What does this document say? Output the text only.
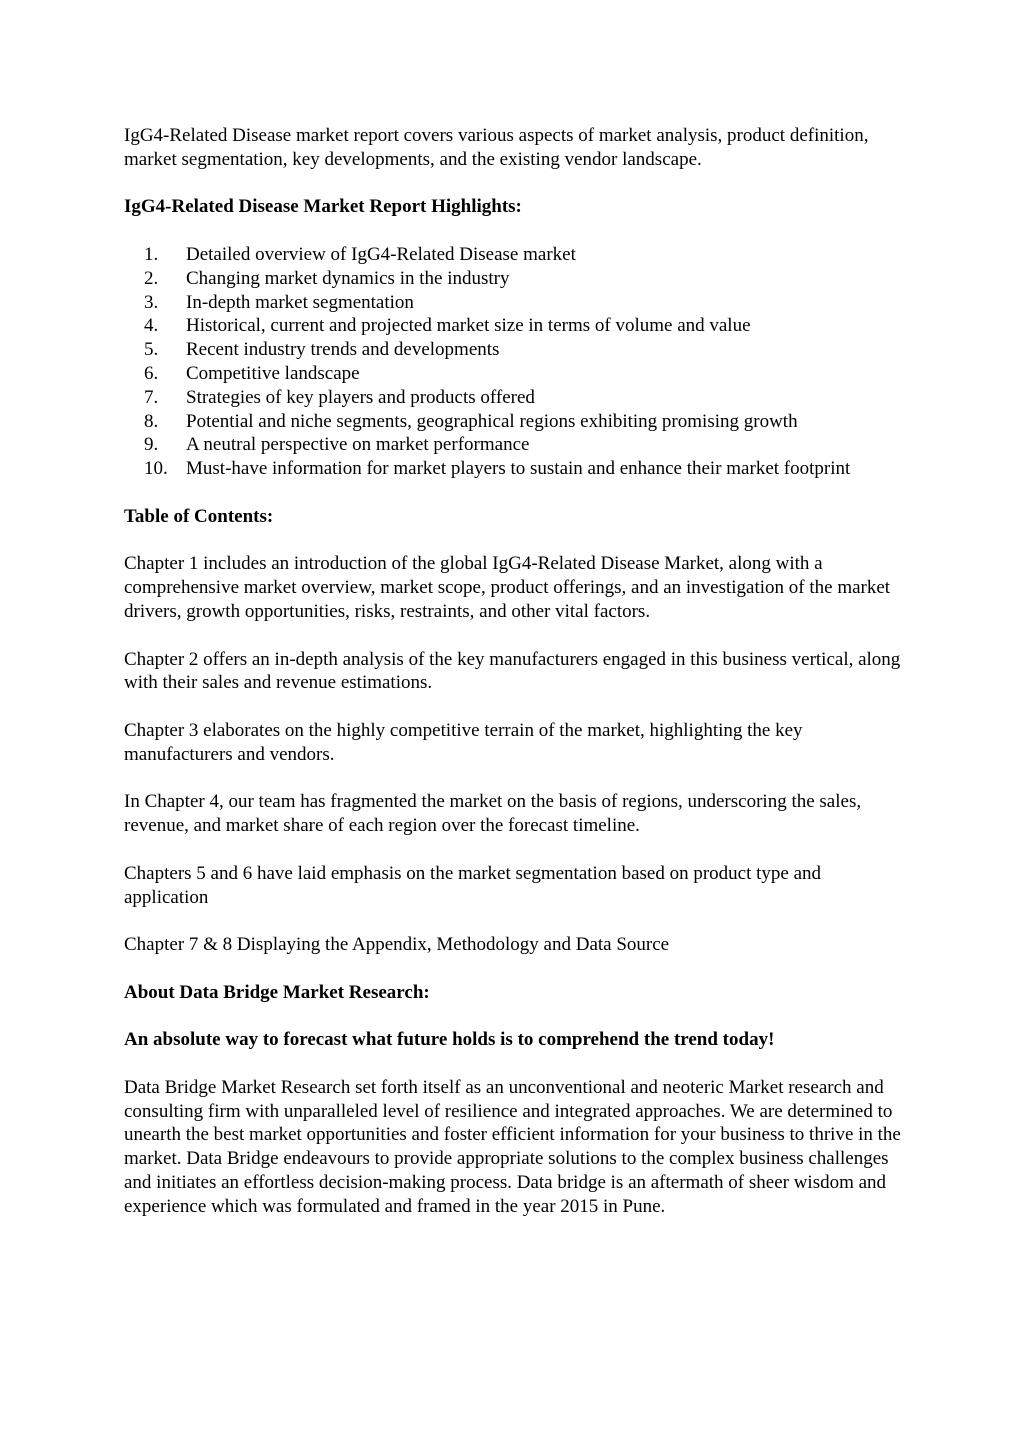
IgG4-Related Disease market report covers various aspects of market analysis, product definition, market segmentation, key developments, and the existing vendor landscape.

IgG4-Related Disease Market Report Highlights:

1.	Detailed overview of IgG4-Related Disease market
2.	Changing market dynamics in the industry
3.	In-depth market segmentation
4.	Historical, current and projected market size in terms of volume and value
5.	Recent industry trends and developments
6.	Competitive landscape
7.	Strategies of key players and products offered
8.	Potential and niche segments, geographical regions exhibiting promising growth
9.	A neutral perspective on market performance
10. Must-have information for market players to sustain and enhance their market footprint

Table of Contents:

Chapter 1 includes an introduction of the global IgG4-Related Disease Market, along with a comprehensive market overview, market scope, product offerings, and an investigation of the market drivers, growth opportunities, risks, restraints, and other vital factors.

Chapter 2 offers an in-depth analysis of the key manufacturers engaged in this business vertical, along with their sales and revenue estimations.

Chapter 3 elaborates on the highly competitive terrain of the market, highlighting the key manufacturers and vendors.

In Chapter 4, our team has fragmented the market on the basis of regions, underscoring the sales, revenue, and market share of each region over the forecast timeline.

Chapters 5 and 6 have laid emphasis on the market segmentation based on product type and application

Chapter 7 & 8 Displaying the Appendix, Methodology and Data Source

About Data Bridge Market Research:

An absolute way to forecast what future holds is to comprehend the trend today!

Data Bridge Market Research set forth itself as an unconventional and neoteric Market research and consulting firm with unparalleled level of resilience and integrated approaches. We are determined to unearth the best market opportunities and foster efficient information for your business to thrive in the market. Data Bridge endeavours to provide appropriate solutions to the complex business challenges and initiates an effortless decision-making process. Data bridge is an aftermath of sheer wisdom and experience which was formulated and framed in the year 2015 in Pune.
